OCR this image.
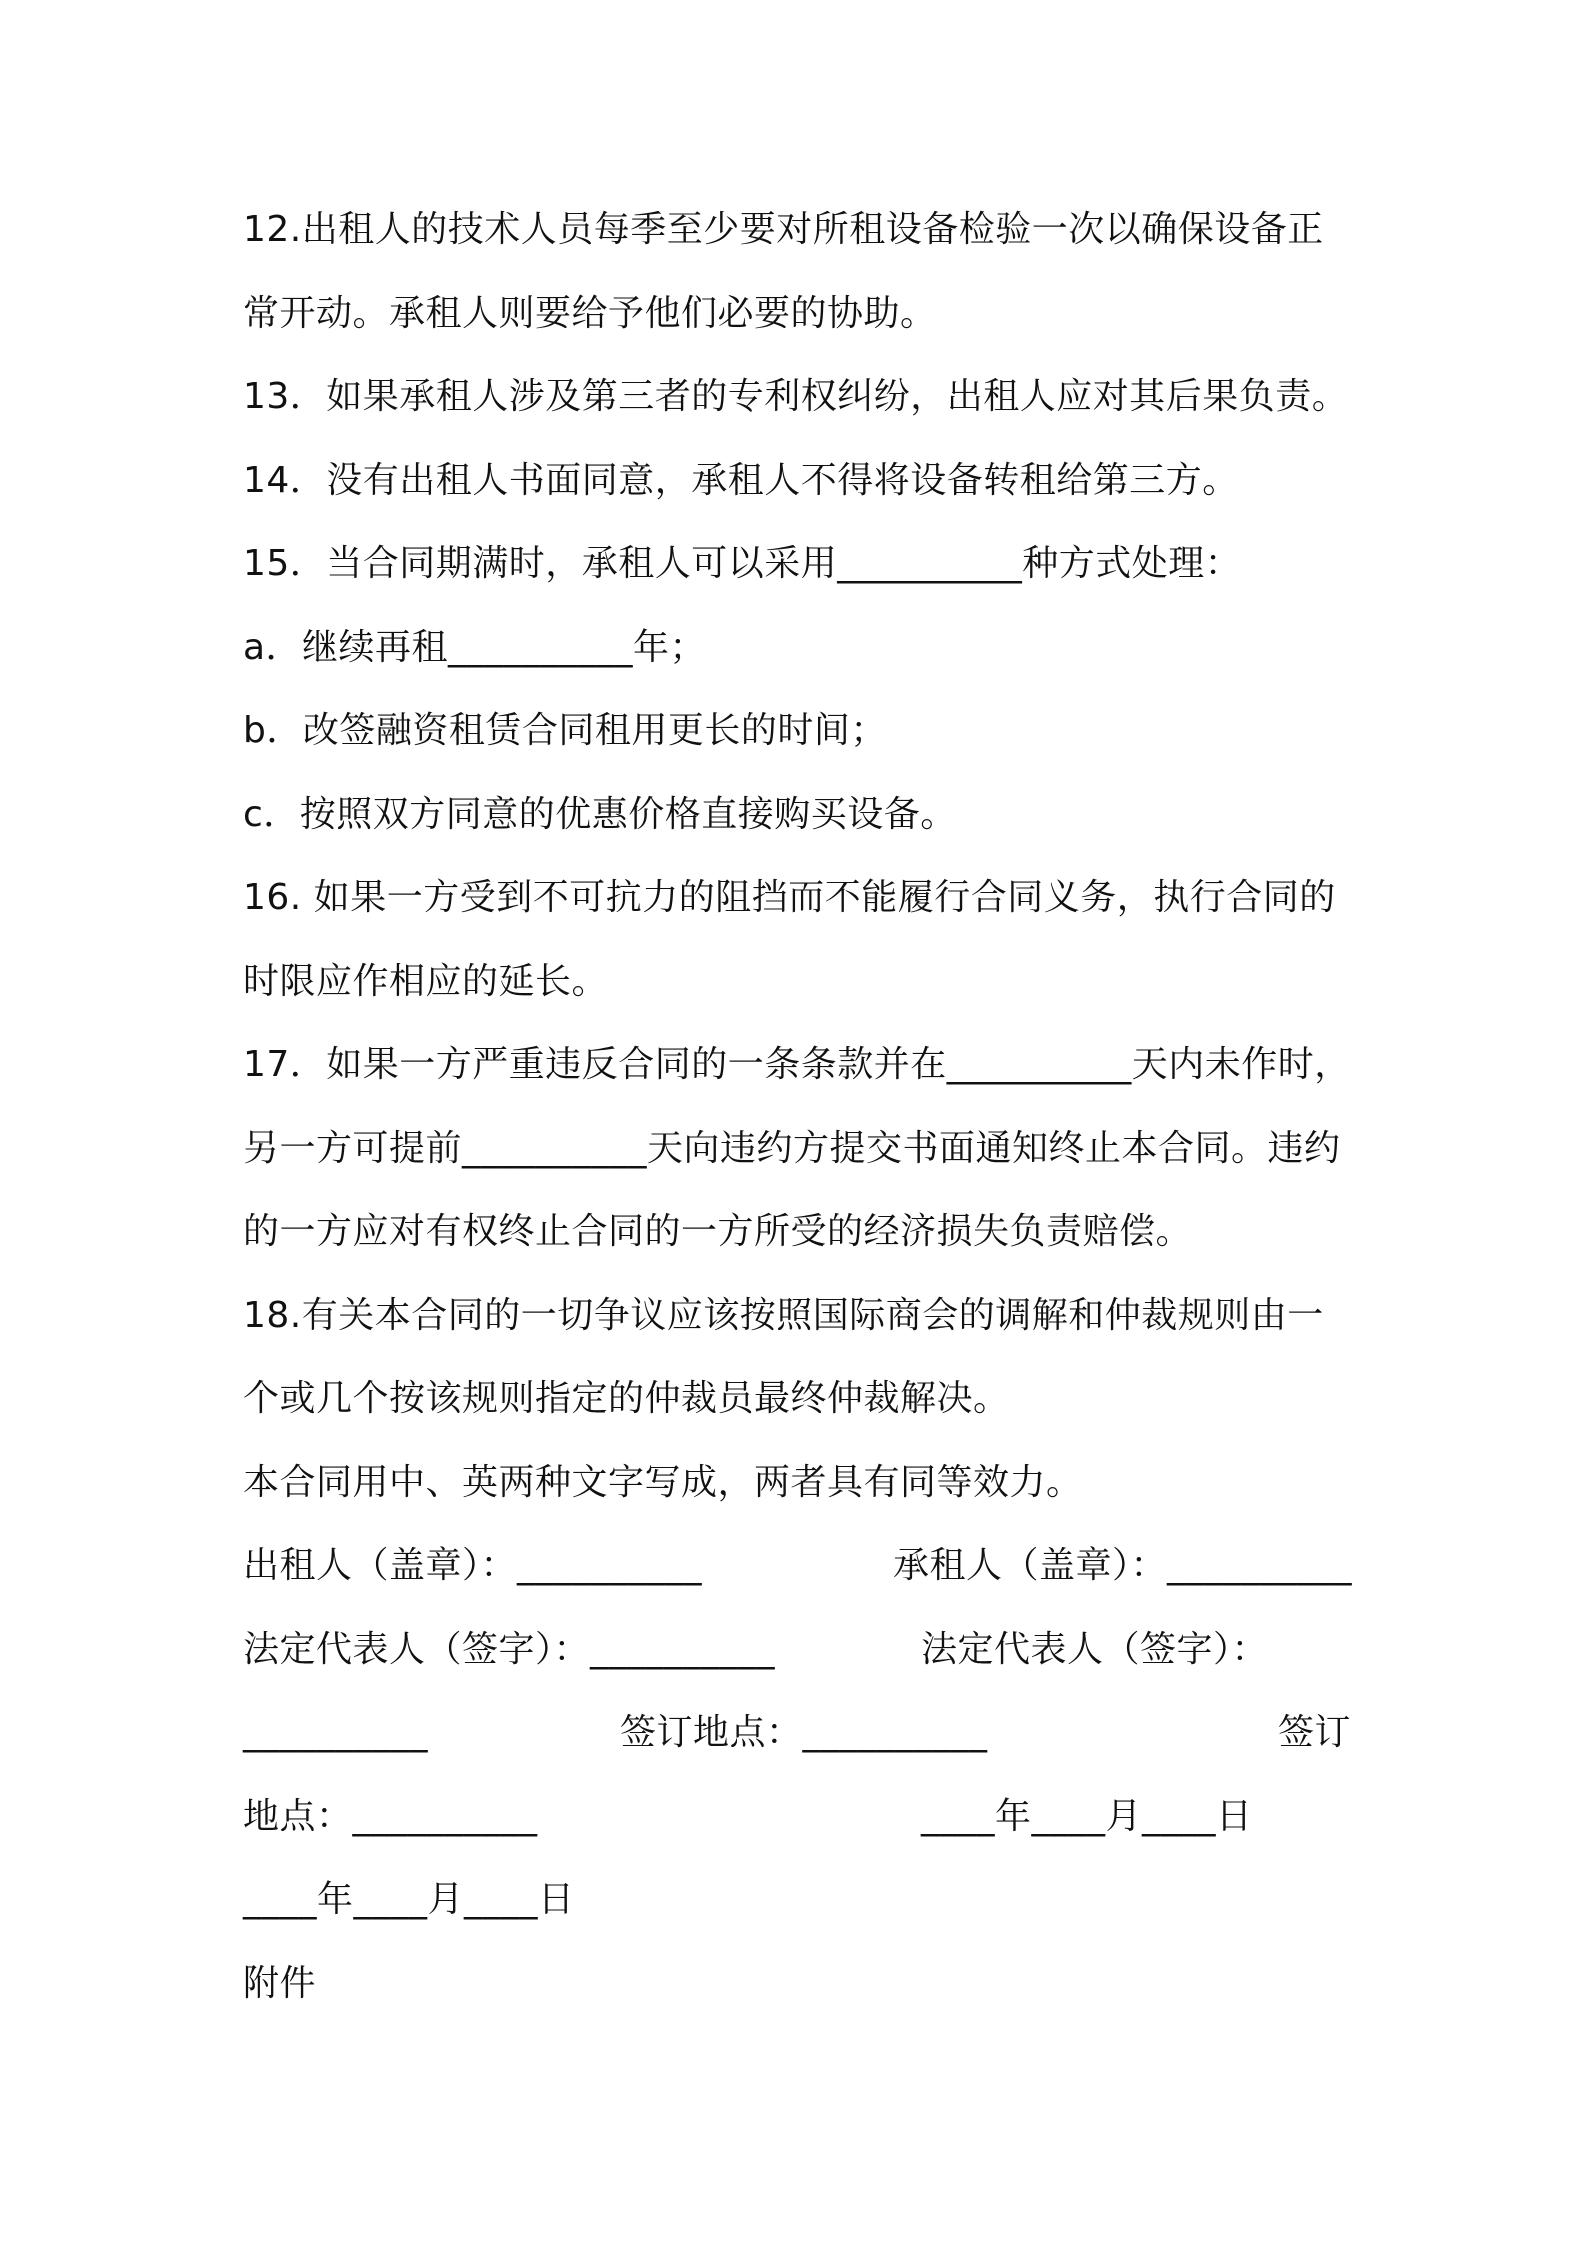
12.出租人的技术人员每季至少要对所租设备检验一次以确保设备正
常开动。承租人则要给予他们必要的协助。
13．如果承租人涉及第三者的专利权纠纷，出租人应对其后果负责。
14．没有出租人书面同意，承租人不得将设备转租给第三方。
15．当合同期满时，承租人可以采用__________种方式处理：
a．继续再租__________年；
b．改签融资租赁合同租用更长的时间；
c．按照双方同意的优惠价格直接购买设备。
16. 如果一方受到不可抗力的阻挡而不能履行合同义务，执行合同的
时限应作相应的延长。
17．如果一方严重违反合同的一条条款并在__________天内未作时，
另一方可提前__________天向违约方提交书面通知终止本合同。违约
的一方应对有权终止合同的一方所受的经济损失负责赔偿。
18.有关本合同的一切争议应该按照国际商会的调解和仲裁规则由一
个或几个按该规则指定的仲裁员最终仲裁解决。
本合同用中、英两种文字写成，两者具有同等效力。
出租人（盖章）：__________	承租人（盖章）：__________
法定代表人（签字）：__________	法定代表人（签字）：
__________	签订地点：__________	签订
地点：__________	____年____月____日
____年____月____日
附件
